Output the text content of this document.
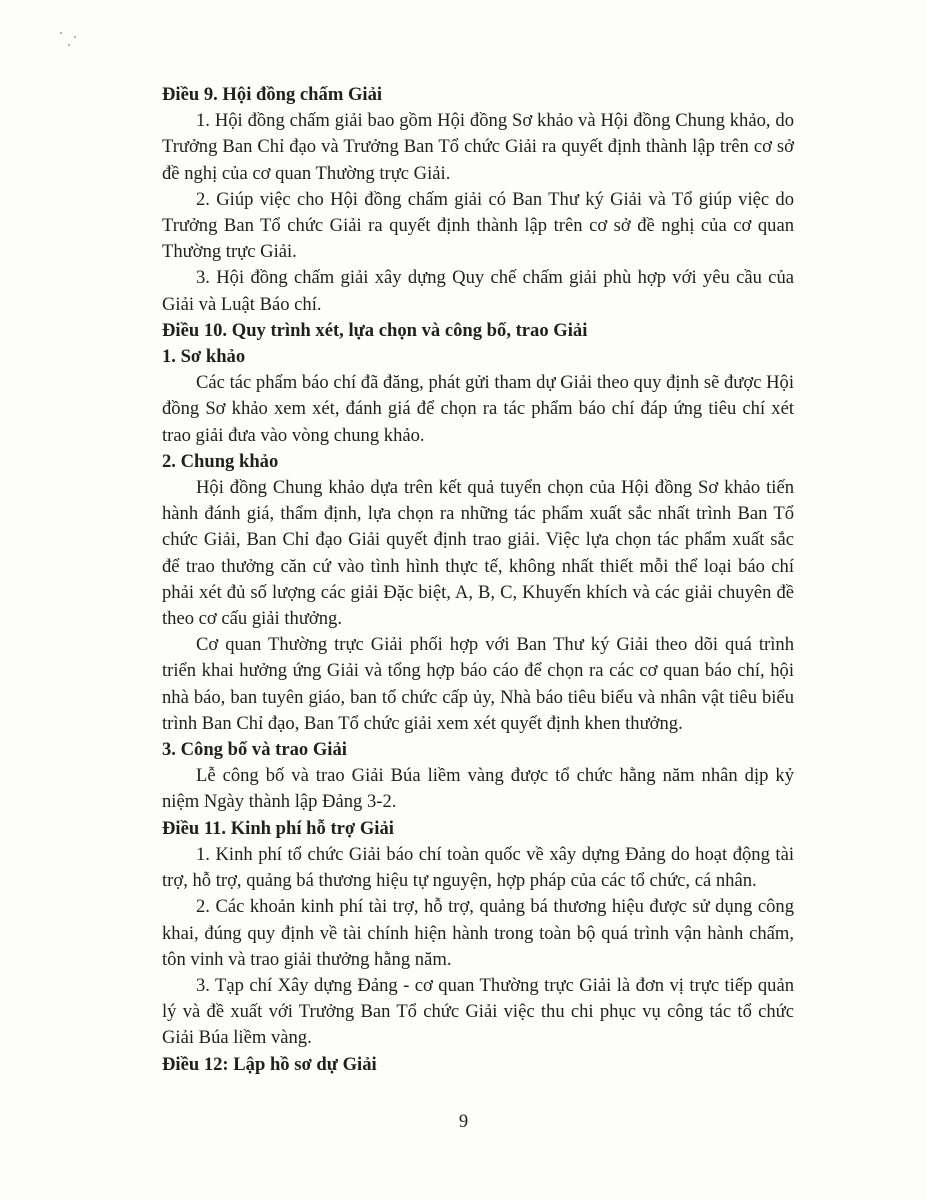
Điều 9. Hội đồng chấm Giải

1. Hội đồng chấm giải bao gồm Hội đồng Sơ khảo và Hội đồng Chung khảo, do Trưởng Ban Chỉ đạo và Trưởng Ban Tổ chức Giải ra quyết định thành lập trên cơ sở đề nghị của cơ quan Thường trực Giải.

2. Giúp việc cho Hội đồng chấm giải có Ban Thư ký Giải và Tổ giúp việc do Trưởng Ban Tổ chức Giải ra quyết định thành lập trên cơ sở đề nghị của cơ quan Thường trực Giải.

3. Hội đồng chấm giải xây dựng Quy chế chấm giải phù hợp với yêu cầu của Giải và Luật Báo chí.

Điều 10. Quy trình xét, lựa chọn và công bố, trao Giải

1. Sơ khảo

Các tác phẩm báo chí đã đăng, phát gửi tham dự Giải theo quy định sẽ được Hội đồng Sơ khảo xem xét, đánh giá để chọn ra tác phẩm báo chí đáp ứng tiêu chí xét trao giải đưa vào vòng chung khảo.

2. Chung khảo

Hội đồng Chung khảo dựa trên kết quả tuyển chọn của Hội đồng Sơ khảo tiến hành đánh giá, thẩm định, lựa chọn ra những tác phẩm xuất sắc nhất trình Ban Tổ chức Giải, Ban Chỉ đạo Giải quyết định trao giải. Việc lựa chọn tác phẩm xuất sắc để trao thưởng căn cứ vào tình hình thực tế, không nhất thiết mỗi thể loại báo chí phải xét đủ số lượng các giải Đặc biệt, A, B, C, Khuyến khích và các giải chuyên đề theo cơ cấu giải thưởng.

Cơ quan Thường trực Giải phối hợp với Ban Thư ký Giải theo dõi quá trình triển khai hưởng ứng Giải và tổng hợp báo cáo để chọn ra các cơ quan báo chí, hội nhà báo, ban tuyên giáo, ban tổ chức cấp ủy, Nhà báo tiêu biểu và nhân vật tiêu biểu trình Ban Chỉ đạo, Ban Tổ chức giải xem xét quyết định khen thưởng.

3. Công bố và trao Giải

Lễ công bố và trao Giải Búa liềm vàng được tổ chức hằng năm nhân dịp kỷ niệm Ngày thành lập Đảng 3-2.

Điều 11. Kinh phí hỗ trợ Giải

1. Kinh phí tổ chức Giải báo chí toàn quốc về xây dựng Đảng do hoạt động tài trợ, hỗ trợ, quảng bá thương hiệu tự nguyện, hợp pháp của các tổ chức, cá nhân.

2. Các khoản kinh phí tài trợ, hỗ trợ, quảng bá thương hiệu được sử dụng công khai, đúng quy định về tài chính hiện hành trong toàn bộ quá trình vận hành chấm, tôn vinh và trao giải thưởng hằng năm.

3. Tạp chí Xây dựng Đảng - cơ quan Thường trực Giải là đơn vị trực tiếp quản lý và đề xuất với Trưởng Ban Tổ chức Giải việc thu chi phục vụ công tác tổ chức Giải Búa liềm vàng.

Điều 12: Lập hồ sơ dự Giải

9
